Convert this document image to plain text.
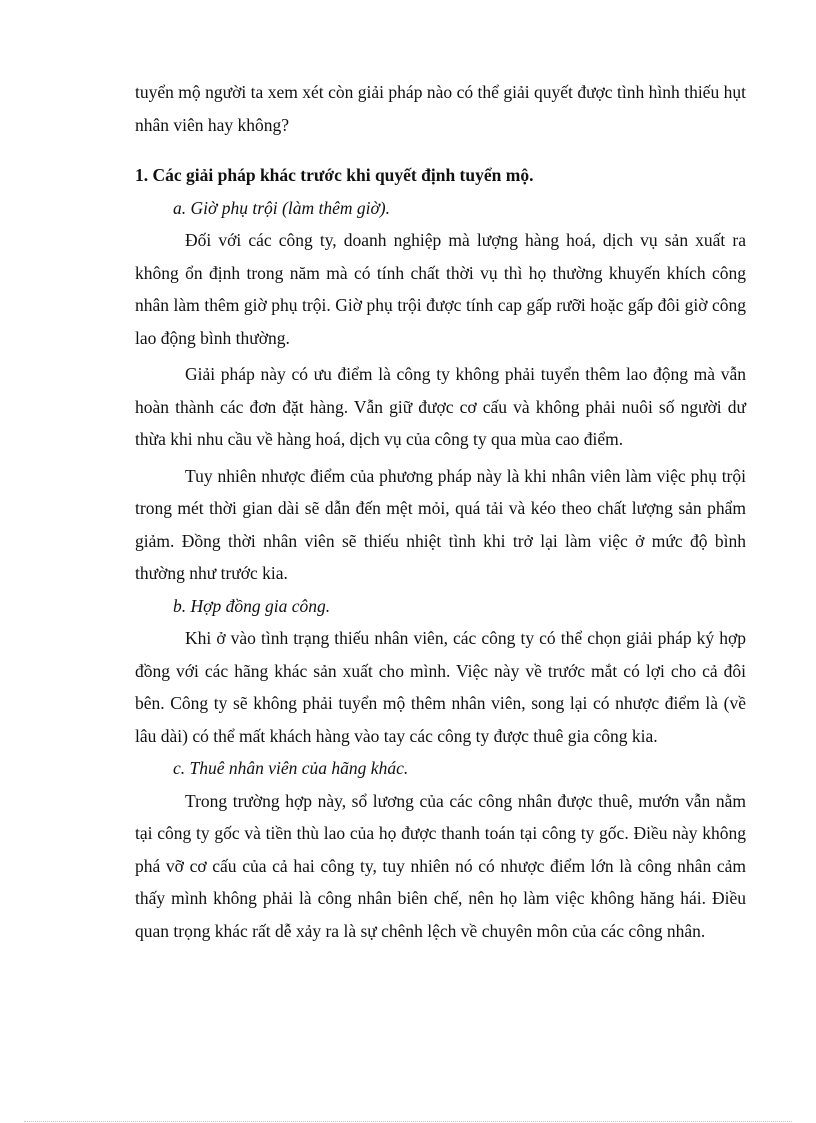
tuyển mộ người ta xem xét còn giải pháp nào có thể giải quyết được tình hình thiếu hụt nhân viên hay không?

1. Các giải pháp khác trước khi quyết định tuyển mộ.

a. Giờ phụ trội (làm thêm giờ).

Đối với các công ty, doanh nghiệp mà lượng hàng hoá, dịch vụ sản xuất ra không ổn định trong năm mà có tính chất thời vụ thì họ thường khuyến khích công nhân làm thêm giờ phụ trội. Giờ phụ trội được tính cap gấp rưỡi hoặc gấp đôi giờ công lao động bình thường.

Giải pháp này có ưu điểm là công ty không phải tuyển thêm lao động mà vẫn hoàn thành các đơn đặt hàng. Vẫn giữ được cơ cấu và không phải nuôi số người dư thừa khi nhu cầu về hàng hoá, dịch vụ của công ty qua mùa cao điểm.

Tuy nhiên nhược điểm của phương pháp này là khi nhân viên làm việc phụ trội trong mét thời gian dài sẽ dẫn đến mệt mỏi, quá tải và kéo theo chất lượng sản phẩm giảm. Đồng thời nhân viên sẽ thiếu nhiệt tình khi trở lại làm việc ở mức độ bình thường như trước kia.

b. Hợp đồng gia công.

Khi ở vào tình trạng thiếu nhân viên, các công ty có thể chọn giải pháp ký hợp đồng với các hãng khác sản xuất cho mình. Việc này về trước mắt có lợi cho cả đôi bên. Công ty sẽ không phải tuyển mộ thêm nhân viên, song lại có nhược điểm là (về lâu dài) có thể mất khách hàng vào tay các công ty được thuê gia công kia.

c. Thuê nhân viên của hãng khác.

Trong trường hợp này, sổ lương của các công nhân được thuê, mướn vẫn nằm tại công ty gốc và tiền thù lao của họ được thanh toán tại công ty gốc. Điều này không phá vỡ cơ cấu của cả hai công ty, tuy nhiên nó có nhược điểm lớn là công nhân cảm thấy mình không phải là công nhân biên chế, nên họ làm việc không hăng hái. Điều quan trọng khác rất dễ xảy ra là sự chênh lệch về chuyên môn của các công nhân.
